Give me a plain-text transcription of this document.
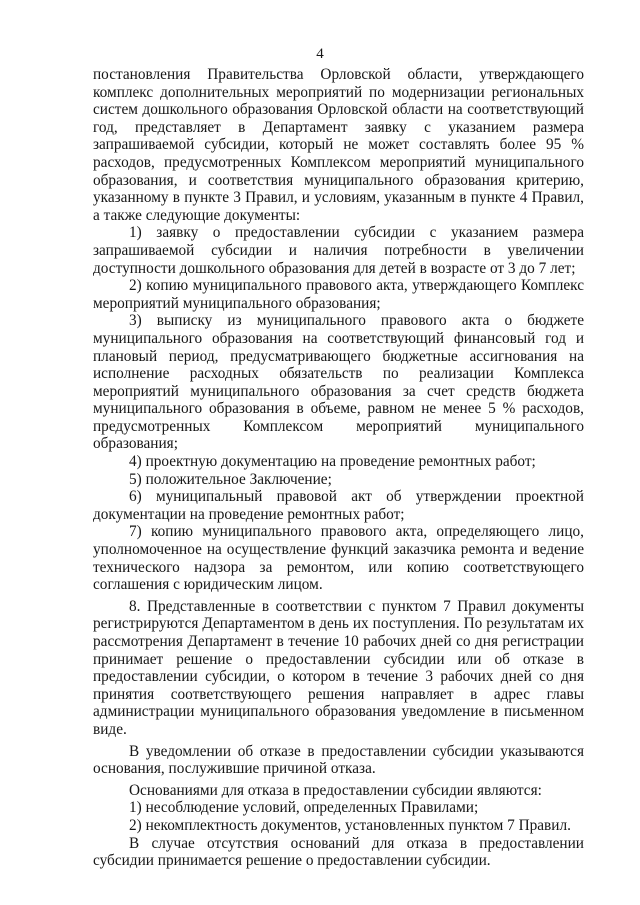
4

постановления Правительства Орловской области, утверждающего комплекс дополнительных мероприятий по модернизации региональных систем дошкольного образования Орловской области на соответствующий год, представляет в Департамент заявку с указанием размера запрашиваемой субсидии, который не может составлять более 95 % расходов, предусмотренных Комплексом мероприятий муниципального образования, и соответствия муниципального образования критерию, указанному в пункте 3 Правил, и условиям, указанным в пункте 4 Правил, а также следующие документы:

1) заявку о предоставлении субсидии с указанием размера запрашиваемой субсидии и наличия потребности в увеличении доступности дошкольного образования для детей в возрасте от 3 до 7 лет;

2) копию муниципального правового акта, утверждающего Комплекс мероприятий муниципального образования;

3) выписку из муниципального правового акта о бюджете муниципального образования на соответствующий финансовый год и плановый период, предусматривающего бюджетные ассигнования на исполнение расходных обязательств по реализации Комплекса мероприятий муниципального образования за счет средств бюджета муниципального образования в объеме, равном не менее 5 % расходов, предусмотренных Комплексом мероприятий муниципального образования;

4) проектную документацию на проведение ремонтных работ;

5) положительное Заключение;

6) муниципальный правовой акт об утверждении проектной документации на проведение ремонтных работ;

7) копию муниципального правового акта, определяющего лицо, уполномоченное на осуществление функций заказчика ремонта и ведение технического надзора за ремонтом, или копию соответствующего соглашения с юридическим лицом.

8. Представленные в соответствии с пунктом 7 Правил документы регистрируются Департаментом в день их поступления. По результатам их рассмотрения Департамент в течение 10 рабочих дней со дня регистрации принимает решение о предоставлении субсидии или об отказе в предоставлении субсидии, о котором в течение 3 рабочих дней со дня принятия соответствующего решения направляет в адрес главы администрации муниципального образования уведомление в письменном виде.

В уведомлении об отказе в предоставлении субсидии указываются основания, послужившие причиной отказа.

Основаниями для отказа в предоставлении субсидии являются:

1) несоблюдение условий, определенных Правилами;

2) некомплектность документов, установленных пунктом 7 Правил.

В случае отсутствия оснований для отказа в предоставлении субсидии принимается решение о предоставлении субсидии.
